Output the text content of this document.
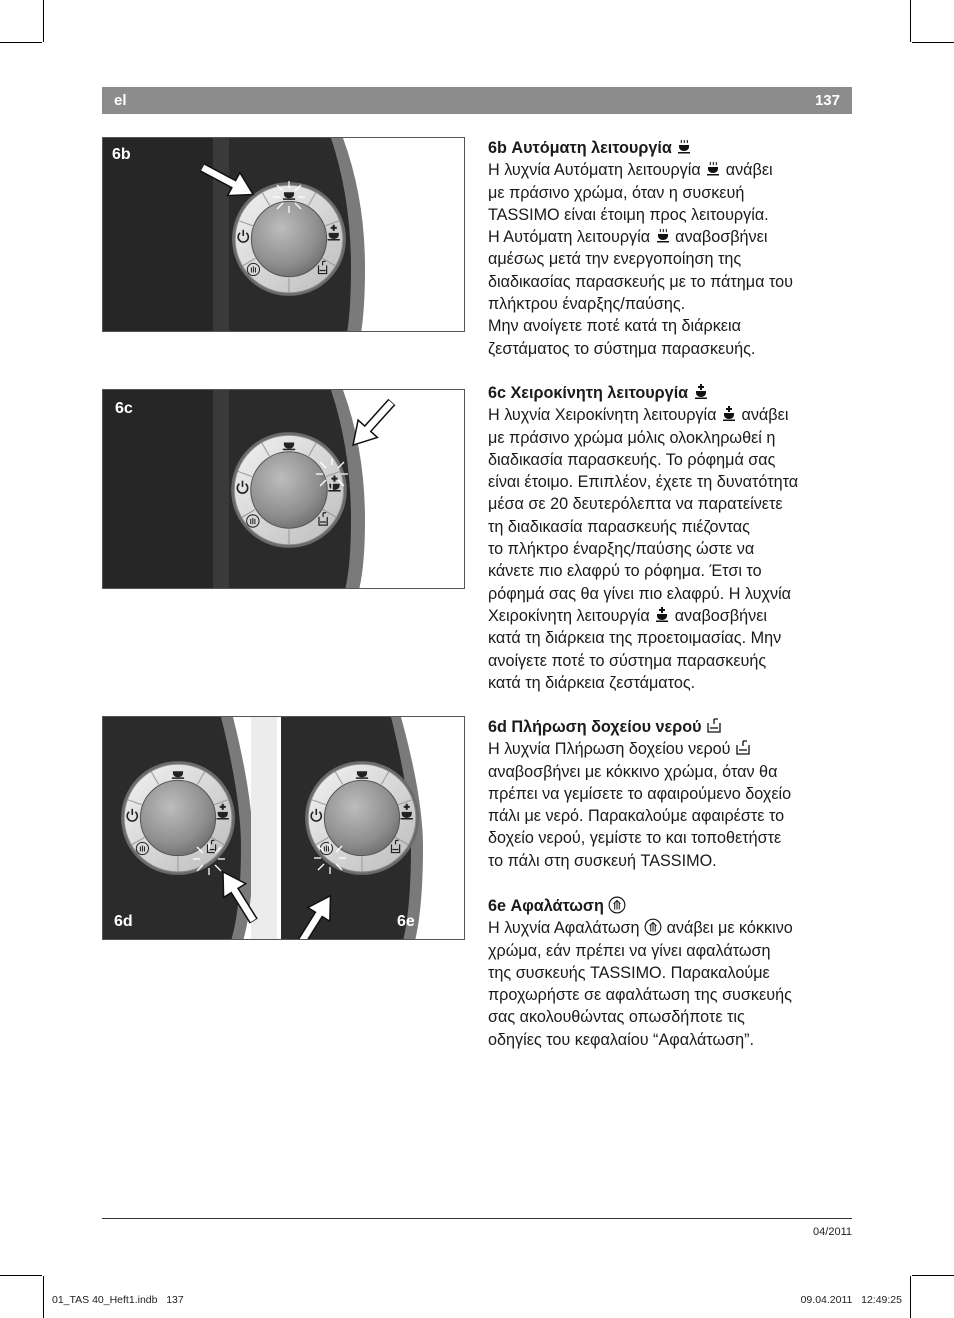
el	137
6b
6c
6d	6e

6b Αυτόματη λειτουργία

Η λυχνία Αυτόματη λειτουργία ανάβει

με πράσινο χρώμα, όταν η συσκευή

TASSIMO είναι έτοιμη προς λειτουργία.

Η Αυτόματη λειτουργία αναβοσβήνει

αμέσως μετά την ενεργοποίηση της

διαδικασίας παρασκευής με το πάτημα του

πλήκτρου έναρξης/παύσης.

Μην ανοίγετε ποτέ κατά τη διάρκεια

ζεστάματος το σύστημα παρασκευής.

6c Χειροκίνητη λειτουργία

Η λυχνία Χειροκίνητη λειτουργία ανάβει

με πράσινο χρώμα μόλις ολοκληρωθεί η

διαδικασία παρασκευής. Το ρόφημά σας

είναι έτοιμο. Επιπλέον, έχετε τη δυνατότητα

μέσα σε 20 δευτερόλεπτα να παρατείνετε

τη διαδικασία παρασκευής πιέζοντας

το πλήκτρο έναρξης/παύσης ώστε να

κάνετε πιο ελαφρύ το ρόφημα. Έτσι το

ρόφημά σας θα γίνει πιο ελαφρύ. Η λυχνία

Χειροκίνητη λειτουργία αναβοσβήνει

κατά τη διάρκεια της προετοιμασίας. Μην

ανοίγετε ποτέ το σύστημα παρασκευής

κατά τη διάρκεια ζεστάματος.

6d Πλήρωση δοχείου νερού

Η λυχνία Πλήρωση δοχείου νερού

αναβοσβήνει με κόκκινο χρώμα, όταν θα

πρέπει να γεμίσετε το αφαιρούμενο δοχείο

πάλι με νερό. Παρακαλούμε αφαιρέστε το

δοχείο νερού, γεμίστε το και τοποθετήστε

το πάλι στη συσκευή TASSIMO.

6e Αφαλάτωση

Η λυχνία Αφαλάτωση ανάβει με κόκκινο

χρώμα, εάν πρέπει να γίνει αφαλάτωση

της συσκευής TASSIMO. Παρακαλούμε

προχωρήστε σε αφαλάτωση της συσκευής

σας ακολουθώντας οπωσδήποτε τις

οδηγίες του κεφαλαίου “Αφαλάτωση”.

04/2011
01_TAS 40_Heft1.indb   137	09.04.2011   12:49:25
